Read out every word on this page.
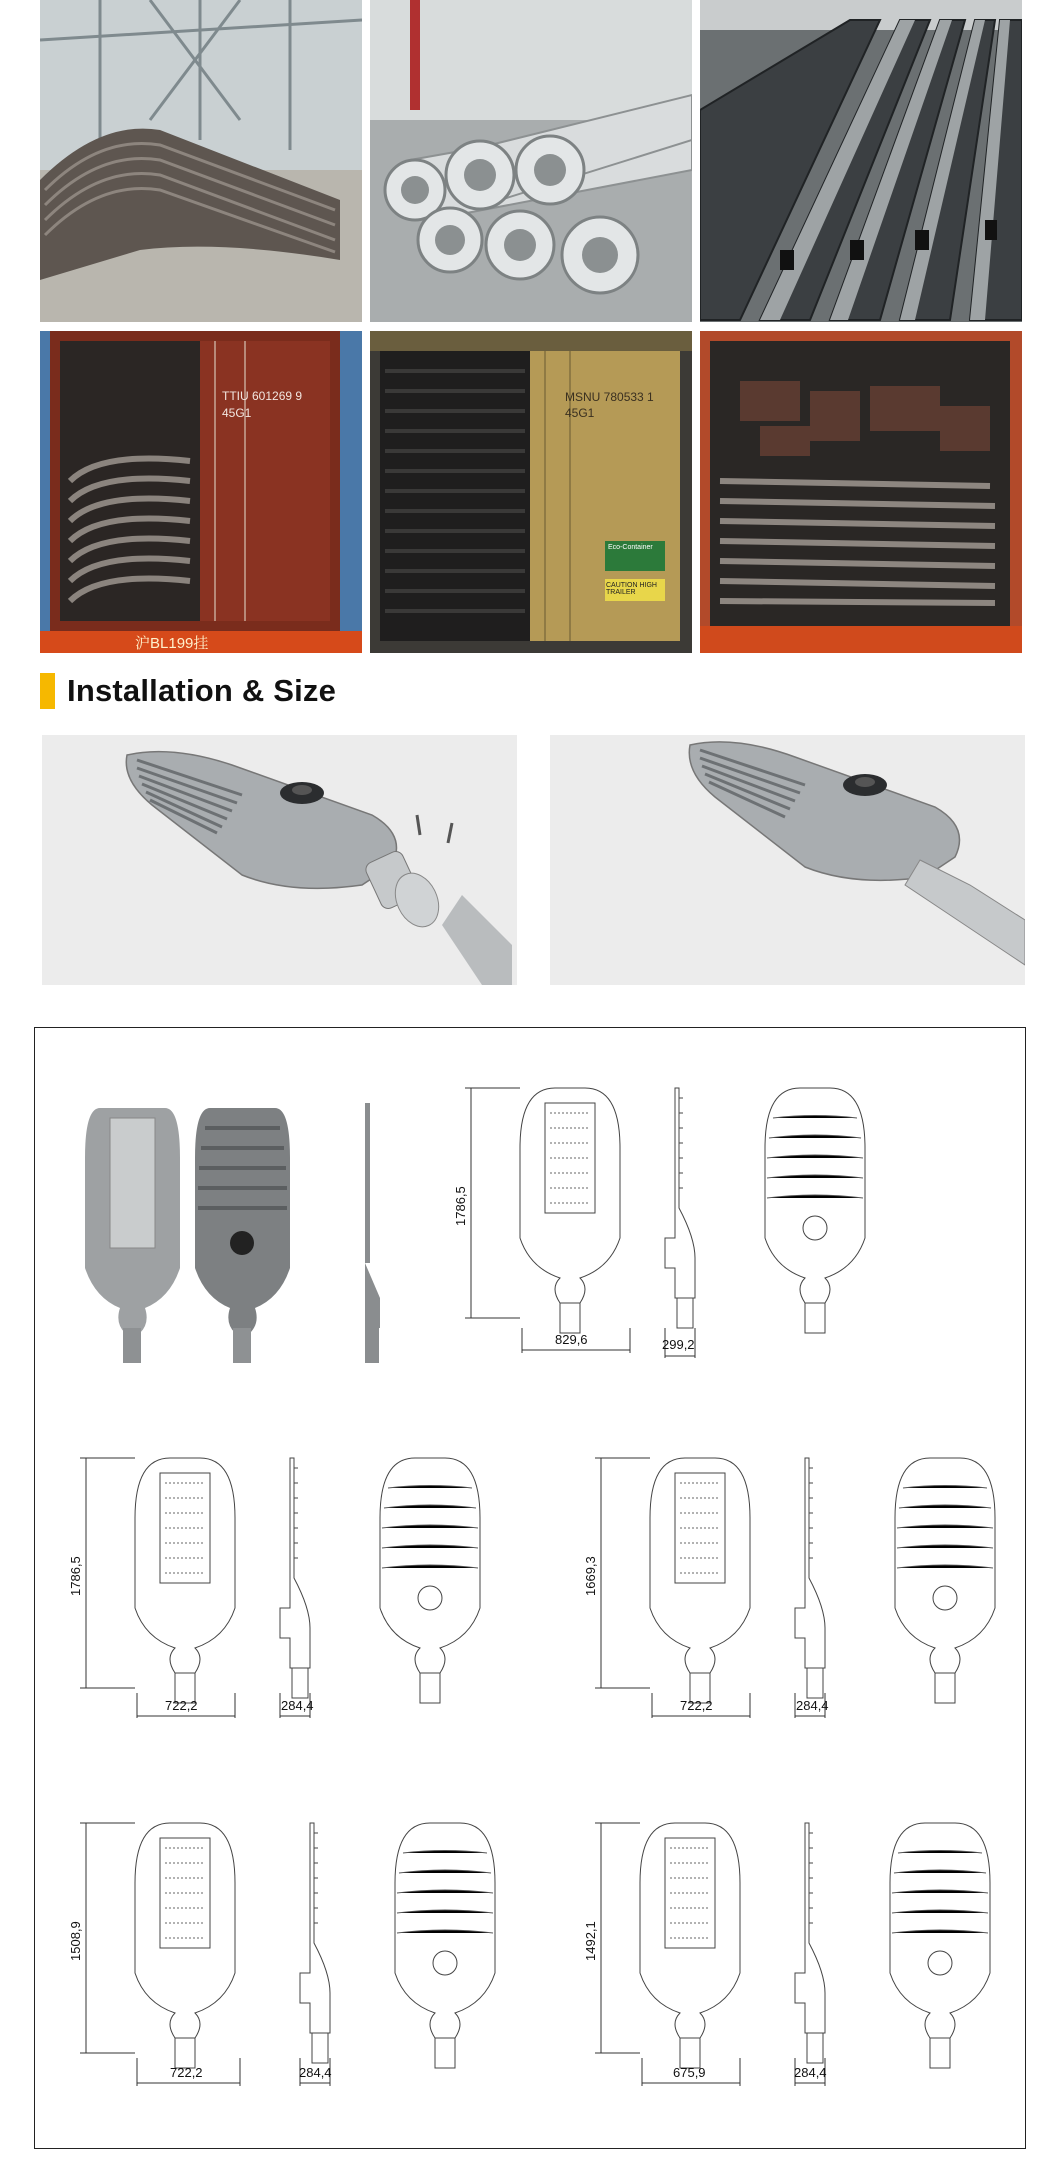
TTIU 601269 9
45G1
沪BL199挂
MSNU 780533 1
45G1
Eco-Container
CAUTION HIGH TRAILER
Installation & Size
1786,5
829,6	299,2
1786,5
722,2	284,4
1669,3
722,2	284,4
1508,9
722,2	284,4
1492,1
675,9	284,4
